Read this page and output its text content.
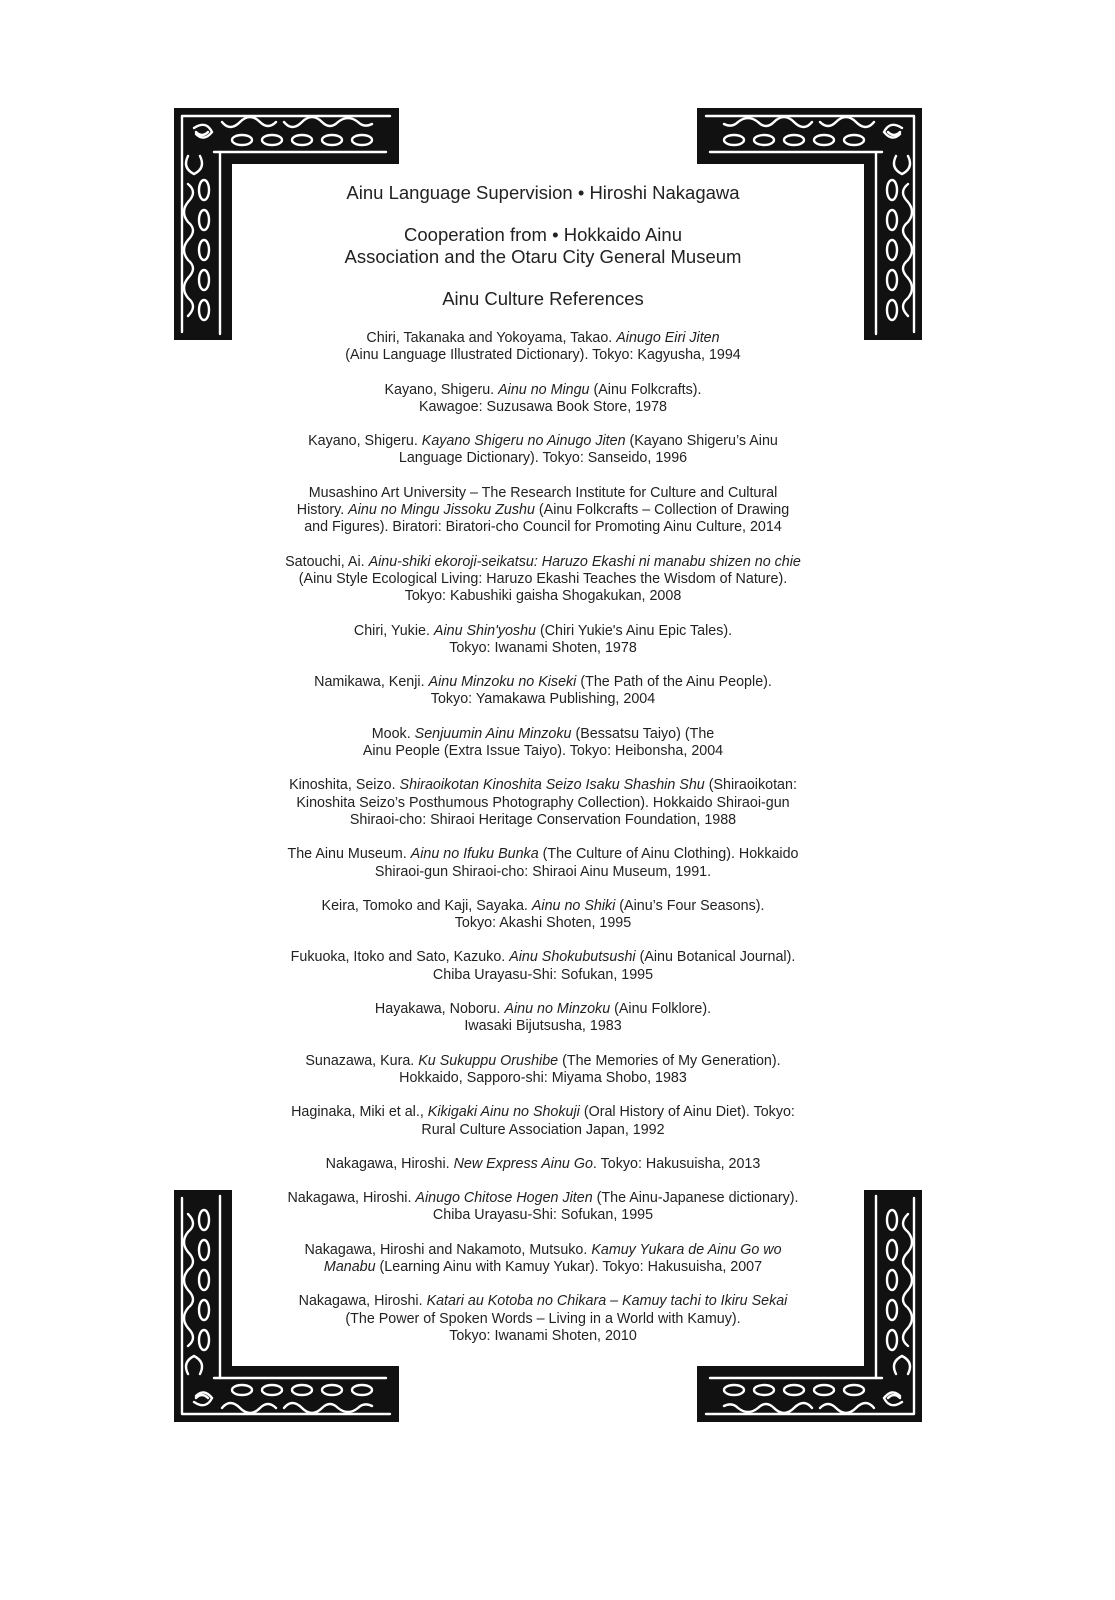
Ainu Language Supervision • Hiroshi Nakagawa

Cooperation from • Hokkaido Ainu
Association and the Otaru City General Museum

Ainu Culture References

Chiri, Takanaka and Yokoyama, Takao. Ainugo Eiri Jiten
(Ainu Language Illustrated Dictionary). Tokyo: Kagyusha, 1994
Kayano, Shigeru. Ainu no Mingu (Ainu Folkcrafts).
Kawagoe: Suzusawa Book Store, 1978
Kayano, Shigeru. Kayano Shigeru no Ainugo Jiten (Kayano Shigeru’s Ainu
Language Dictionary). Tokyo: Sanseido, 1996
Musashino Art University – The Research Institute for Culture and Cultural
History. Ainu no Mingu Jissoku Zushu (Ainu Folkcrafts – Collection of Drawing
and Figures). Biratori: Biratori-cho Council for Promoting Ainu Culture, 2014
Satouchi, Ai. Ainu-shiki ekoroji-seikatsu: Haruzo Ekashi ni manabu shizen no chie
(Ainu Style Ecological Living: Haruzo Ekashi Teaches the Wisdom of Nature).
Tokyo: Kabushiki gaisha Shogakukan, 2008
Chiri, Yukie. Ainu Shin'yoshu (Chiri Yukie's Ainu Epic Tales).
Tokyo: Iwanami Shoten, 1978
Namikawa, Kenji. Ainu Minzoku no Kiseki (The Path of the Ainu People).
Tokyo: Yamakawa Publishing, 2004
Mook. Senjuumin Ainu Minzoku (Bessatsu Taiyo) (The
Ainu People (Extra Issue Taiyo). Tokyo: Heibonsha, 2004
Kinoshita, Seizo. Shiraoikotan Kinoshita Seizo Isaku Shashin Shu (Shiraoikotan:
Kinoshita Seizo’s Posthumous Photography Collection). Hokkaido Shiraoi-gun
Shiraoi-cho: Shiraoi Heritage Conservation Foundation, 1988
The Ainu Museum. Ainu no Ifuku Bunka (The Culture of Ainu Clothing). Hokkaido
Shiraoi-gun Shiraoi-cho: Shiraoi Ainu Museum, 1991.
Keira, Tomoko and Kaji, Sayaka. Ainu no Shiki (Ainu’s Four Seasons).
Tokyo: Akashi Shoten, 1995
Fukuoka, Itoko and Sato, Kazuko. Ainu Shokubutsushi (Ainu Botanical Journal).
Chiba Urayasu-Shi: Sofukan, 1995
Hayakawa, Noboru. Ainu no Minzoku (Ainu Folklore).
Iwasaki Bijutsusha, 1983
Sunazawa, Kura. Ku Sukuppu Orushibe (The Memories of My Generation).
Hokkaido, Sapporo-shi: Miyama Shobo, 1983
Haginaka, Miki et al., Kikigaki Ainu no Shokuji (Oral History of Ainu Diet). Tokyo:
Rural Culture Association Japan, 1992
Nakagawa, Hiroshi. New Express Ainu Go. Tokyo: Hakusuisha, 2013
Nakagawa, Hiroshi. Ainugo Chitose Hogen Jiten (The Ainu-Japanese dictionary).
Chiba Urayasu-Shi: Sofukan, 1995
Nakagawa, Hiroshi and Nakamoto, Mutsuko. Kamuy Yukara de Ainu Go wo
Manabu (Learning Ainu with Kamuy Yukar). Tokyo: Hakusuisha, 2007
Nakagawa, Hiroshi. Katari au Kotoba no Chikara – Kamuy tachi to Ikiru Sekai
(The Power of Spoken Words – Living in a World with Kamuy).
Tokyo: Iwanami Shoten, 2010
